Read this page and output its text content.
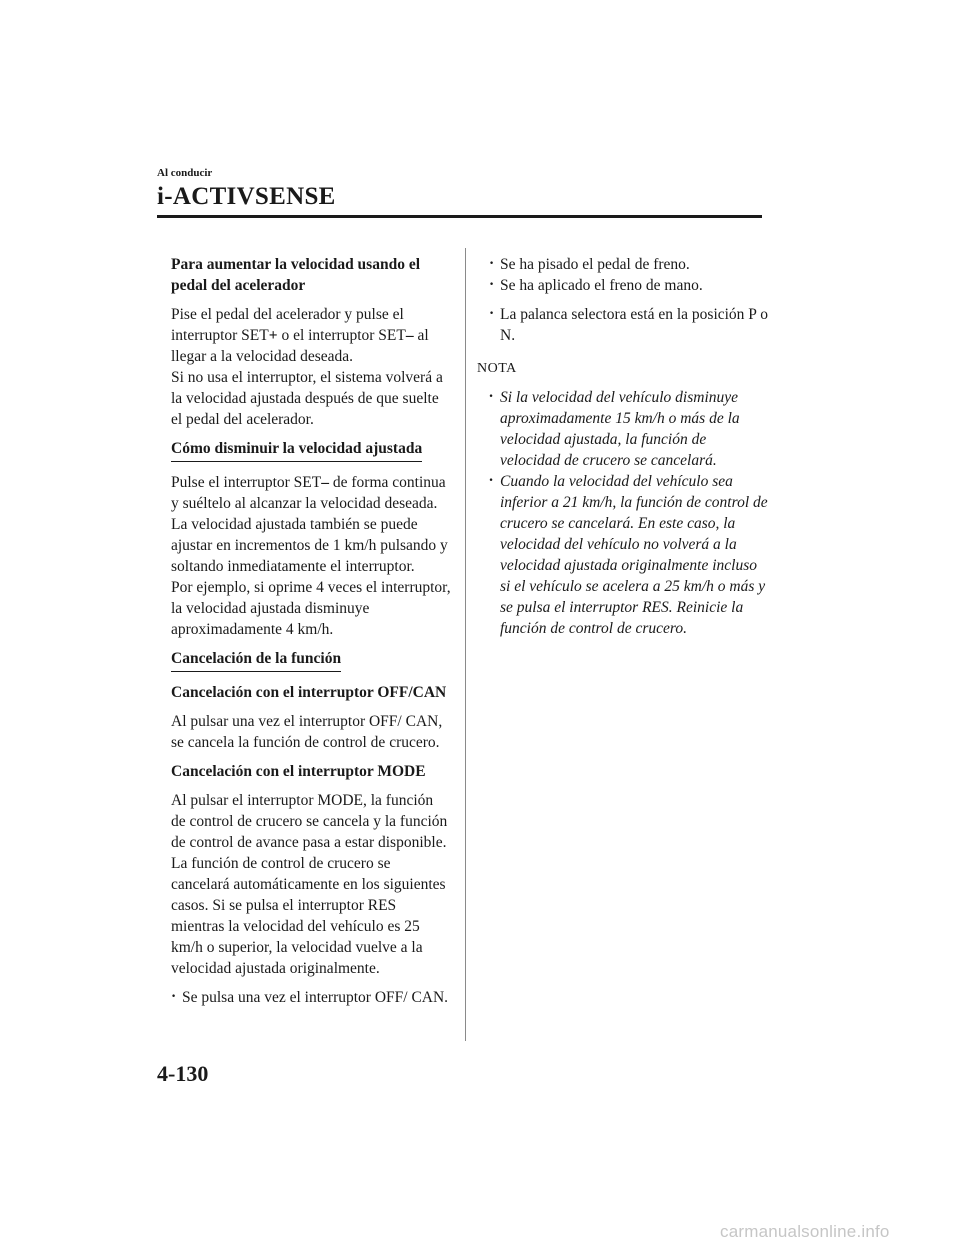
Al conducir
i-ACTIVSENSE

Para aumentar la velocidad usando el pedal del acelerador

Pise el pedal del acelerador y pulse el interruptor SET+ o el interruptor SET– al llegar a la velocidad deseada.
Si no usa el interruptor, el sistema volverá a la velocidad ajustada después de que suelte el pedal del acelerador.

Cómo disminuir la velocidad ajustada

Pulse el interruptor SET– de forma continua y suéltelo al alcanzar la velocidad deseada.
La velocidad ajustada también se puede ajustar en incrementos de 1 km/h pulsando y soltando inmediatamente el interruptor.
Por ejemplo, si oprime 4 veces el interruptor, la velocidad ajustada disminuye aproximadamente 4 km/h.

Cancelación de la función

Cancelación con el interruptor OFF/CAN

Al pulsar una vez el interruptor OFF/ CAN, se cancela la función de control de crucero.

Cancelación con el interruptor MODE

Al pulsar el interruptor MODE, la función de control de crucero se cancela y la función de control de avance pasa a estar disponible.
La función de control de crucero se cancelará automáticamente en los siguientes casos. Si se pulsa el interruptor RES mientras la velocidad del vehículo es 25 km/h o superior, la velocidad vuelve a la velocidad ajustada originalmente.

· Se pulsa una vez el interruptor OFF/ CAN.

· Se ha pisado el pedal de freno.

· Se ha aplicado el freno de mano.

· La palanca selectora está en la posición P o N.

NOTA

· Si la velocidad del vehículo disminuye aproximadamente 15 km/h o más de la velocidad ajustada, la función de velocidad de crucero se cancelará.

· Cuando la velocidad del vehículo sea inferior a 21 km/h, la función de control de crucero se cancelará. En este caso, la velocidad del vehículo no volverá a la velocidad ajustada originalmente incluso si el vehículo se acelera a 25 km/h o más y se pulsa el interruptor RES. Reinicie la función de control de crucero.

4-130
carmanualsonline.info
